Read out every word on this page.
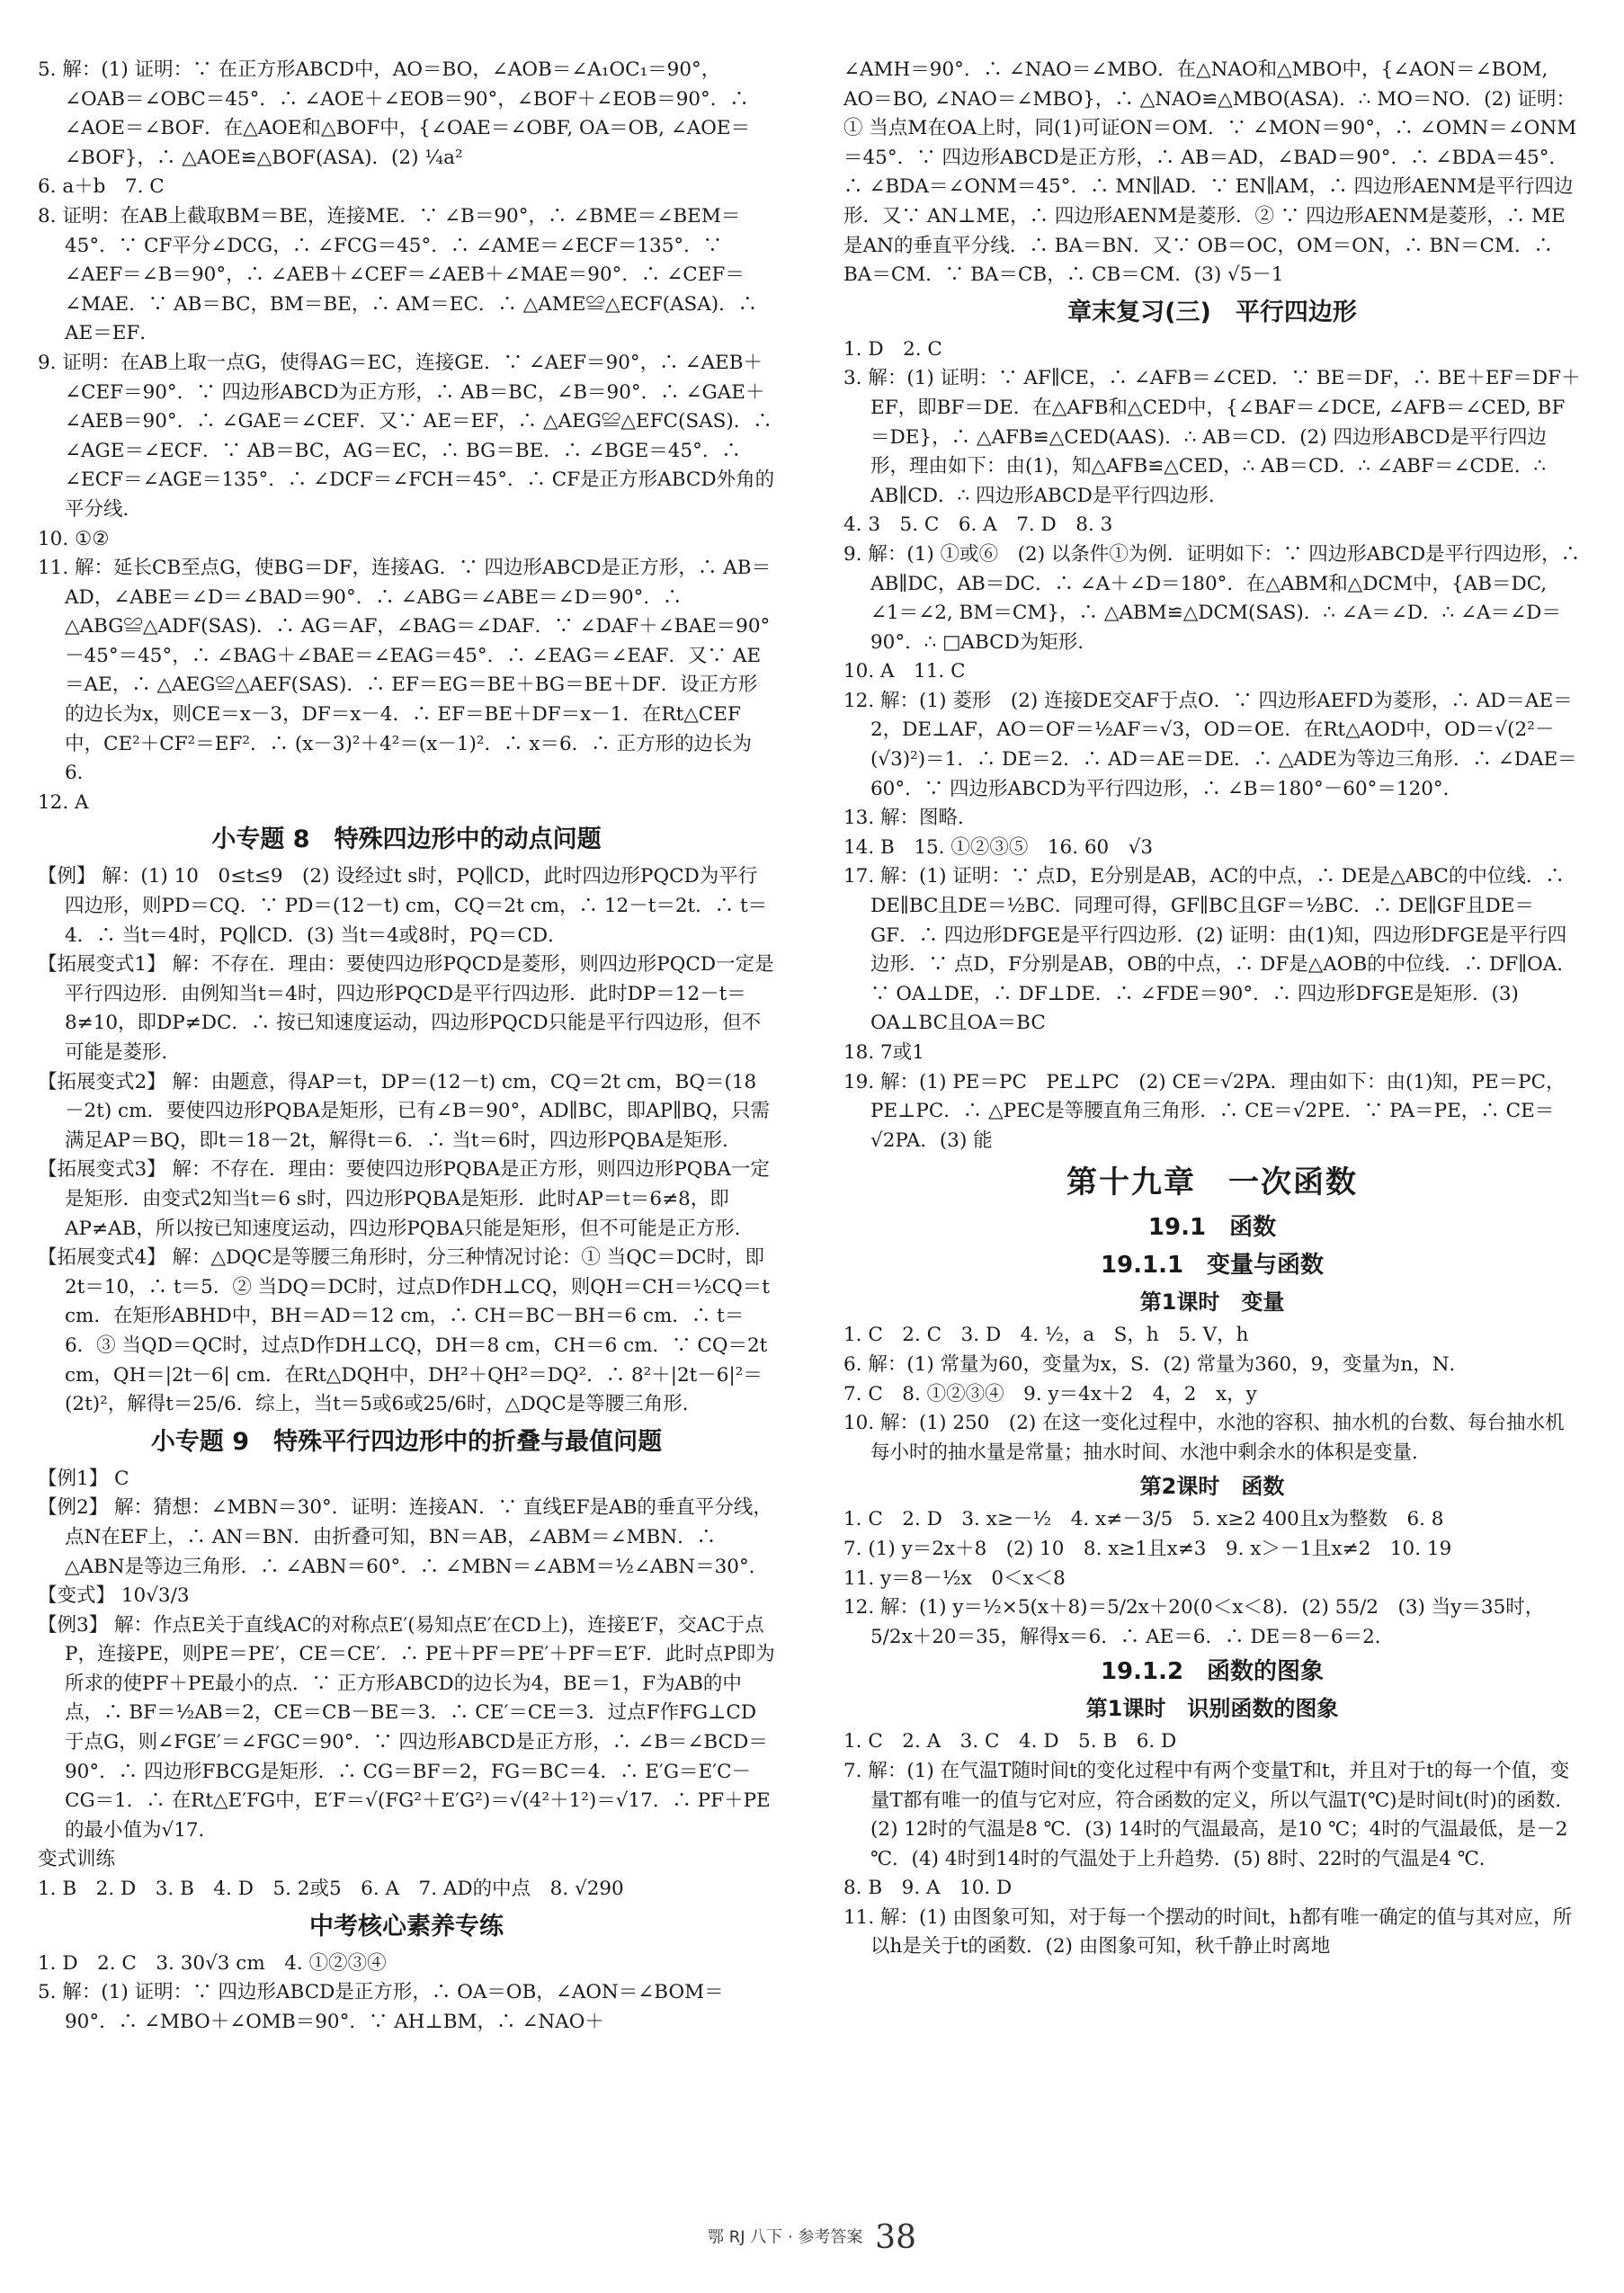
5. 解：(1) 证明：∵ 在正方形ABCD中，AO＝BO，∠AOB＝∠A₁OC₁＝90°，∠OAB＝∠OBC＝45°．∴ ∠AOE＋∠EOB＝90°，∠BOF＋∠EOB＝90°．∴ ∠AOE＝∠BOF．在△AOE和△BOF中，{∠OAE＝∠OBF, OA＝OB, ∠AOE＝∠BOF}，∴ △AOE≌△BOF(ASA)．(2) ¼a²

6. a＋b　7. C

8. 证明：在AB上截取BM＝BE，连接ME．∵ ∠B＝90°，∴ ∠BME＝∠BEM＝45°．∵ CF平分∠DCG，∴ ∠FCG＝45°．∴ ∠AME＝∠ECF＝135°．∵ ∠AEF＝∠B＝90°，∴ ∠AEB＋∠CEF＝∠AEB＋∠MAE＝90°．∴ ∠CEF＝∠MAE．∵ AB＝BC，BM＝BE，∴ AM＝EC．∴ △AME≌△ECF(ASA)．∴ AE＝EF．

9. 证明：在AB上取一点G，使得AG＝EC，连接GE．∵ ∠AEF＝90°，∴ ∠AEB＋∠CEF＝90°．∵ 四边形ABCD为正方形，∴ AB＝BC，∠B＝90°．∴ ∠GAE＋∠AEB＝90°．∴ ∠GAE＝∠CEF．又∵ AE＝EF，∴ △AEG≌△EFC(SAS)．∴ ∠AGE＝∠ECF．∵ AB＝BC，AG＝EC，∴ BG＝BE．∴ ∠BGE＝45°．∴ ∠ECF＝∠AGE＝135°．∴ ∠DCF＝∠FCH＝45°．∴ CF是正方形ABCD外角的平分线．

10. ①②

11. 解：延长CB至点G，使BG＝DF，连接AG．∵ 四边形ABCD是正方形，∴ AB＝AD，∠ABE＝∠D＝∠BAD＝90°．∴ ∠ABG＝∠ABE＝∠D＝90°．∴ △ABG≌△ADF(SAS)．∴ AG＝AF，∠BAG＝∠DAF．∵ ∠DAF＋∠BAE＝90°－45°＝45°，∴ ∠BAG＋∠BAE＝∠EAG＝45°．∴ ∠EAG＝∠EAF．又∵ AE＝AE，∴ △AEG≌△AEF(SAS)．∴ EF＝EG＝BE＋BG＝BE＋DF．设正方形的边长为x，则CE＝x－3，DF＝x－4．∴ EF＝BE＋DF＝x－1．在Rt△CEF中，CE²＋CF²＝EF²．∴ (x－3)²＋4²＝(x－1)²．∴ x＝6．∴ 正方形的边长为6．

12. A

小专题 8　特殊四边形中的动点问题

【例】 解：(1) 10　0≤t≤9　(2) 设经过t s时，PQ∥CD，此时四边形PQCD为平行四边形，则PD＝CQ．∵ PD＝(12－t) cm，CQ＝2t cm，∴ 12－t＝2t．∴ t＝4．∴ 当t＝4时，PQ∥CD．(3) 当t＝4或8时，PQ＝CD．

【拓展变式1】 解：不存在．理由：要使四边形PQCD是菱形，则四边形PQCD一定是平行四边形．由例知当t＝4时，四边形PQCD是平行四边形．此时DP＝12－t＝8≠10，即DP≠DC．∴ 按已知速度运动，四边形PQCD只能是平行四边形，但不可能是菱形．

【拓展变式2】 解：由题意，得AP＝t，DP＝(12－t) cm，CQ＝2t cm，BQ＝(18－2t) cm．要使四边形PQBA是矩形，已有∠B＝90°，AD∥BC，即AP∥BQ，只需满足AP＝BQ，即t＝18－2t，解得t＝6．∴ 当t＝6时，四边形PQBA是矩形．

【拓展变式3】 解：不存在．理由：要使四边形PQBA是正方形，则四边形PQBA一定是矩形．由变式2知当t＝6 s时，四边形PQBA是矩形．此时AP＝t＝6≠8，即AP≠AB，所以按已知速度运动，四边形PQBA只能是矩形，但不可能是正方形．

【拓展变式4】 解：△DQC是等腰三角形时，分三种情况讨论：① 当QC＝DC时，即2t＝10，∴ t＝5．② 当DQ＝DC时，过点D作DH⊥CQ，则QH＝CH＝½CQ＝t cm．在矩形ABHD中，BH＝AD＝12 cm，∴ CH＝BC－BH＝6 cm．∴ t＝6．③ 当QD＝QC时，过点D作DH⊥CQ，DH＝8 cm，CH＝6 cm．∵ CQ＝2t cm，QH＝|2t－6| cm．在Rt△DQH中，DH²＋QH²＝DQ²．∴ 8²＋|2t－6|²＝(2t)²，解得t＝25/6．综上，当t＝5或6或25/6时，△DQC是等腰三角形．

小专题 9　特殊平行四边形中的折叠与最值问题

【例1】 C

【例2】 解：猜想：∠MBN＝30°．证明：连接AN．∵ 直线EF是AB的垂直平分线，点N在EF上，∴ AN＝BN．由折叠可知，BN＝AB，∠ABM＝∠MBN．∴ △ABN是等边三角形．∴ ∠ABN＝60°．∴ ∠MBN＝∠ABM＝½∠ABN＝30°．

【变式】 10√3/3

【例3】 解：作点E关于直线AC的对称点E′(易知点E′在CD上)，连接E′F，交AC于点P，连接PE，则PE＝PE′，CE＝CE′．∴ PE＋PF＝PE′＋PF＝E′F．此时点P即为所求的使PF＋PE最小的点．∵ 正方形ABCD的边长为4，BE＝1，F为AB的中点，∴ BF＝½AB＝2，CE＝CB－BE＝3．∴ CE′＝CE＝3．过点F作FG⊥CD于点G，则∠FGE′＝∠FGC＝90°．∵ 四边形ABCD是正方形，∴ ∠B＝∠BCD＝90°．∴ 四边形FBCG是矩形．∴ CG＝BF＝2，FG＝BC＝4．∴ E′G＝E′C－CG＝1．∴ 在Rt△E′FG中，E′F＝√(FG²＋E′G²)＝√(4²＋1²)＝√17．∴ PF＋PE的最小值为√17．

变式训练

1. B　2. D　3. B　4. D　5. 2或5　6. A　7. AD的中点　8. √290

中考核心素养专练

1. D　2. C　3. 30√3 cm　4. ①②③④

5. 解：(1) 证明：∵ 四边形ABCD是正方形，∴ OA＝OB，∠AON＝∠BOM＝90°．∴ ∠MBO＋∠OMB＝90°．∵ AH⊥BM，∴ ∠NAO＋

∠AMH＝90°．∴ ∠NAO＝∠MBO．在△NAO和△MBO中，{∠AON＝∠BOM, AO＝BO, ∠NAO＝∠MBO}，∴ △NAO≌△MBO(ASA)．∴ MO＝NO．(2) 证明：① 当点M在OA上时，同(1)可证ON＝OM．∵ ∠MON＝90°，∴ ∠OMN＝∠ONM＝45°．∵ 四边形ABCD是正方形，∴ AB＝AD，∠BAD＝90°．∴ ∠BDA＝45°．∴ ∠BDA＝∠ONM＝45°．∴ MN∥AD．∵ EN∥AM，∴ 四边形AENM是平行四边形．又∵ AN⊥ME，∴ 四边形AENM是菱形．② ∵ 四边形AENM是菱形，∴ ME是AN的垂直平分线．∴ BA＝BN．又∵ OB＝OC，OM＝ON，∴ BN＝CM．∴ BA＝CM．∵ BA＝CB，∴ CB＝CM．(3) √5－1

章末复习(三)　平行四边形

1. D　2. C

3. 解：(1) 证明：∵ AF∥CE，∴ ∠AFB＝∠CED．∵ BE＝DF，∴ BE＋EF＝DF＋EF，即BF＝DE．在△AFB和△CED中，{∠BAF＝∠DCE, ∠AFB＝∠CED, BF＝DE}，∴ △AFB≌△CED(AAS)．∴ AB＝CD．(2) 四边形ABCD是平行四边形，理由如下：由(1)，知△AFB≌△CED，∴ AB＝CD．∴ ∠ABF＝∠CDE．∴ AB∥CD．∴ 四边形ABCD是平行四边形．

4. 3　5. C　6. A　7. D　8. 3

9. 解：(1) ①或⑥　(2) 以条件①为例．证明如下：∵ 四边形ABCD是平行四边形，∴ AB∥DC，AB＝DC．∴ ∠A＋∠D＝180°．在△ABM和△DCM中，{AB＝DC, ∠1＝∠2, BM＝CM}，∴ △ABM≌△DCM(SAS)．∴ ∠A＝∠D．∴ ∠A＝∠D＝90°．∴ □ABCD为矩形．

10. A　11. C

12. 解：(1) 菱形　(2) 连接DE交AF于点O．∵ 四边形AEFD为菱形，∴ AD＝AE＝2，DE⊥AF，AO＝OF＝½AF＝√3，OD＝OE．在Rt△AOD中，OD＝√(2²－(√3)²)＝1．∴ DE＝2．∴ AD＝AE＝DE．∴ △ADE为等边三角形．∴ ∠DAE＝60°．∵ 四边形ABCD为平行四边形，∴ ∠B＝180°－60°＝120°．

13. 解：图略．

14. B　15. ①②③⑤　16. 60　√3

17. 解：(1) 证明：∵ 点D，E分别是AB，AC的中点，∴ DE是△ABC的中位线．∴ DE∥BC且DE＝½BC．同理可得，GF∥BC且GF＝½BC．∴ DE∥GF且DE＝GF．∴ 四边形DFGE是平行四边形．(2) 证明：由(1)知，四边形DFGE是平行四边形．∵ 点D，F分别是AB，OB的中点，∴ DF是△AOB的中位线．∴ DF∥OA．∵ OA⊥DE，∴ DF⊥DE．∴ ∠FDE＝90°．∴ 四边形DFGE是矩形．(3) OA⊥BC且OA＝BC

18. 7或1

19. 解：(1) PE＝PC　PE⊥PC　(2) CE＝√2PA．理由如下：由(1)知，PE＝PC，PE⊥PC．∴ △PEC是等腰直角三角形．∴ CE＝√2PE．∵ PA＝PE，∴ CE＝√2PA．(3) 能

第十九章　一次函数

19.1　函数

19.1.1　变量与函数

第1课时　变量

1. C　2. C　3. D　4. ½，a　S，h　5. V，h

6. 解：(1) 常量为60，变量为x，S．(2) 常量为360，9，变量为n，N．

7. C　8. ①②③④　9. y＝4x＋2　4，2　x，y

10. 解：(1) 250　(2) 在这一变化过程中，水池的容积、抽水机的台数、每台抽水机每小时的抽水量是常量；抽水时间、水池中剩余水的体积是变量．

第2课时　函数

1. C　2. D　3. x≥－½　4. x≠－3/5　5. x≥2 400且x为整数　6. 8

7. (1) y＝2x＋8　(2) 10　8. x≥1且x≠3　9. x＞－1且x≠2　10. 19

11. y＝8－½x　0＜x＜8

12. 解：(1) y＝½×5(x＋8)＝5/2x＋20(0＜x＜8)．(2) 55/2　(3) 当y＝35时，5/2x＋20＝35，解得x＝6．∴ AE＝6．∴ DE＝8－6＝2．

19.1.2　函数的图象

第1课时　识别函数的图象

1. C　2. A　3. C　4. D　5. B　6. D

7. 解：(1) 在气温T随时间t的变化过程中有两个变量T和t，并且对于t的每一个值，变量T都有唯一的值与它对应，符合函数的定义，所以气温T(℃)是时间t(时)的函数．(2) 12时的气温是8 ℃．(3) 14时的气温最高，是10 ℃；4时的气温最低，是－2 ℃．(4) 4时到14时的气温处于上升趋势．(5) 8时、22时的气温是4 ℃．

8. B　9. A　10. D

11. 解：(1) 由图象可知，对于每一个摆动的时间t，h都有唯一确定的值与其对应，所以h是关于t的函数．(2) 由图象可知，秋千静止时离地

鄂 RJ 八下 · 参考答案 38
